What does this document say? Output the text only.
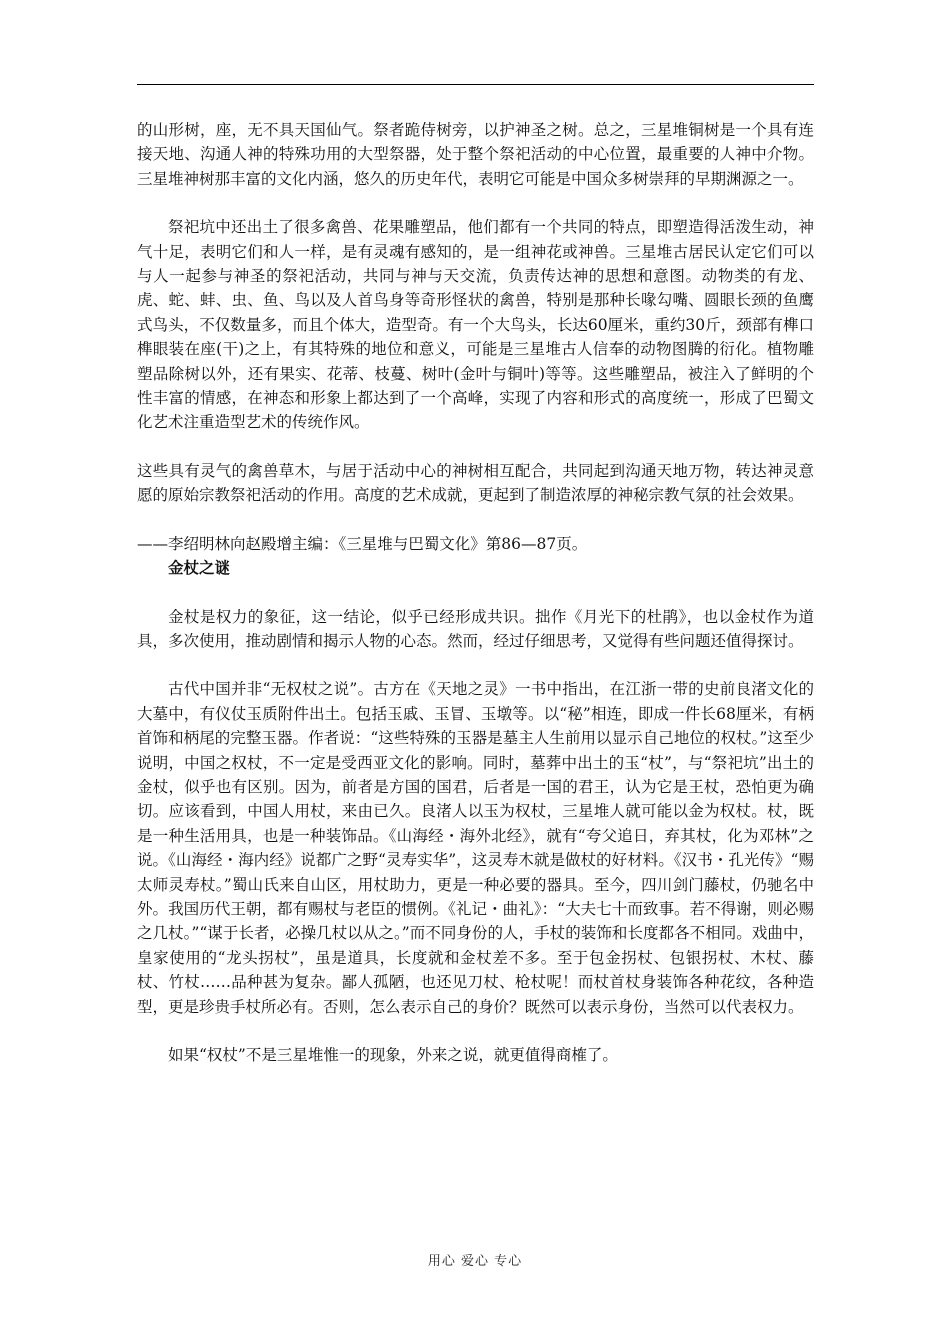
的山形树，座，无不具天国仙气。祭者跪侍树旁，以护神圣之树。总之，三星堆铜树是一个具有连接天地、沟通人神的特殊功用的大型祭器，处于整个祭祀活动的中心位置，最重要的人神中介物。三星堆神树那丰富的文化内涵，悠久的历史年代，表明它可能是中国众多树崇拜的早期渊源之一。

祭祀坑中还出土了很多禽兽、花果雕塑品，他们都有一个共同的特点，即塑造得活泼生动，神气十足，表明它们和人一样，是有灵魂有感知的，是一组神花或神兽。三星堆古居民认定它们可以与人一起参与神圣的祭祀活动，共同与神与天交流，负责传达神的思想和意图。动物类的有龙、虎、蛇、蚌、虫、鱼、鸟以及人首鸟身等奇形怪状的禽兽，特别是那种长喙勾嘴、圆眼长颈的鱼鹰式鸟头，不仅数量多，而且个体大，造型奇。有一个大鸟头，长达60厘米，重约30斤，颈部有榫口榫眼装在座(干)之上，有其特殊的地位和意义，可能是三星堆古人信奉的动物图腾的衍化。植物雕塑品除树以外，还有果实、花蒂、枝蔓、树叶(金叶与铜叶)等等。这些雕塑品，被注入了鲜明的个性丰富的情感，在神态和形象上都达到了一个高峰，实现了内容和形式的高度统一，形成了巴蜀文化艺术注重造型艺术的传统作风。

这些具有灵气的禽兽草木，与居于活动中心的神树相互配合，共同起到沟通天地万物，转达神灵意愿的原始宗教祭祀活动的作用。高度的艺术成就，更起到了制造浓厚的神秘宗教气氛的社会效果。

——李绍明林向赵殿增主编：《三星堆与巴蜀文化》第86—87页。

金杖之谜

金杖是权力的象征，这一结论，似乎已经形成共识。拙作《月光下的杜鹃》，也以金杖作为道具，多次使用，推动剧情和揭示人物的心态。然而，经过仔细思考，又觉得有些问题还值得探讨。

古代中国并非“无权杖之说”。古方在《天地之灵》一书中指出，在江浙一带的史前良渚文化的大墓中，有仪仗玉质附件出土。包括玉戚、玉冒、玉墩等。以“秘”相连，即成一件长68厘米，有柄首饰和柄尾的完整玉器。作者说：“这些特殊的玉器是墓主人生前用以显示自己地位的权杖。”这至少说明，中国之权杖，不一定是受西亚文化的影响。同时，墓葬中出土的玉“杖”，与“祭祀坑”出土的金杖，似乎也有区别。因为，前者是方国的国君，后者是一国的君王，认为它是王杖，恐怕更为确切。应该看到，中国人用杖，来由已久。良渚人以玉为权杖，三星堆人就可能以金为权杖。杖，既是一种生活用具，也是一种装饰品。《山海经・海外北经》，就有“夸父追日，弃其杖，化为邓林”之说。《山海经・海内经》说都广之野“灵寿实华”，这灵寿木就是做杖的好材料。《汉书・孔光传》“赐太师灵寿杖。”蜀山氏来自山区，用杖助力，更是一种必要的器具。至今，四川剑门藤杖，仍驰名中外。我国历代王朝，都有赐杖与老臣的惯例。《礼记・曲礼》：“大夫七十而致事。若不得谢，则必赐之几杖。”“谋于长者，必操几杖以从之。”而不同身份的人，手杖的装饰和长度都各不相同。戏曲中，皇家使用的“龙头拐杖”，虽是道具，长度就和金杖差不多。至于包金拐杖、包银拐杖、木杖、藤杖、竹杖……品种甚为复杂。鄙人孤陋，也还见刀杖、枪杖呢！而杖首杖身装饰各种花纹，各种造型，更是珍贵手杖所必有。否则，怎么表示自己的身价？既然可以表示身份，当然可以代表权力。

如果“权杖”不是三星堆惟一的现象，外来之说，就更值得商榷了。

用心 爱心 专心
